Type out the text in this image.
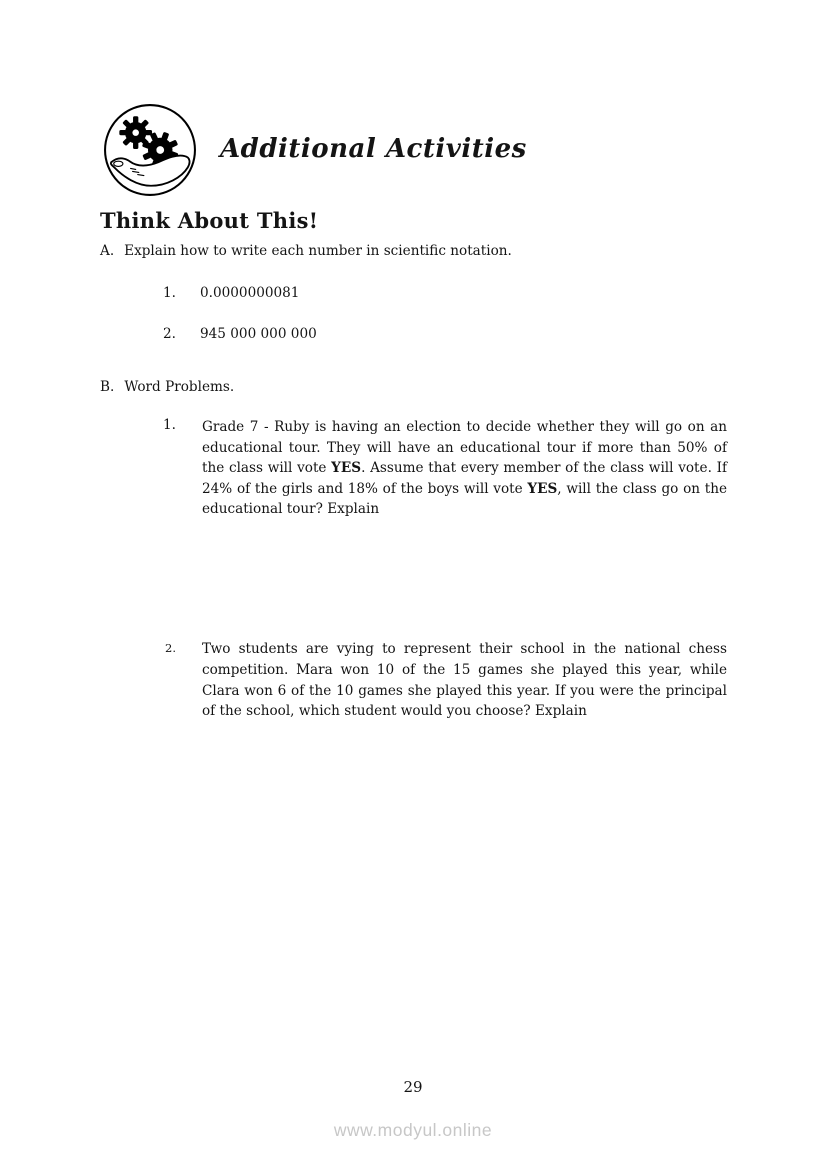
Additional Activities
Think About This!
A. Explain how to write each number in scientific notation.
1. 0.0000000081
2. 945 000 000 000
B. Word Problems.
1. Grade 7 - Ruby is having an election to decide whether they will go on an educational tour. They will have an educational tour if more than 50% of the class will vote YES. Assume that every member of the class will vote. If 24% of the girls and 18% of the boys will vote YES, will the class go on the educational tour? Explain
2. Two students are vying to represent their school in the national chess competition. Mara won 10 of the 15 games she played this year, while Clara won 6 of the 10 games she played this year. If you were the principal of the school, which student would you choose? Explain
29
www.modyul.online
